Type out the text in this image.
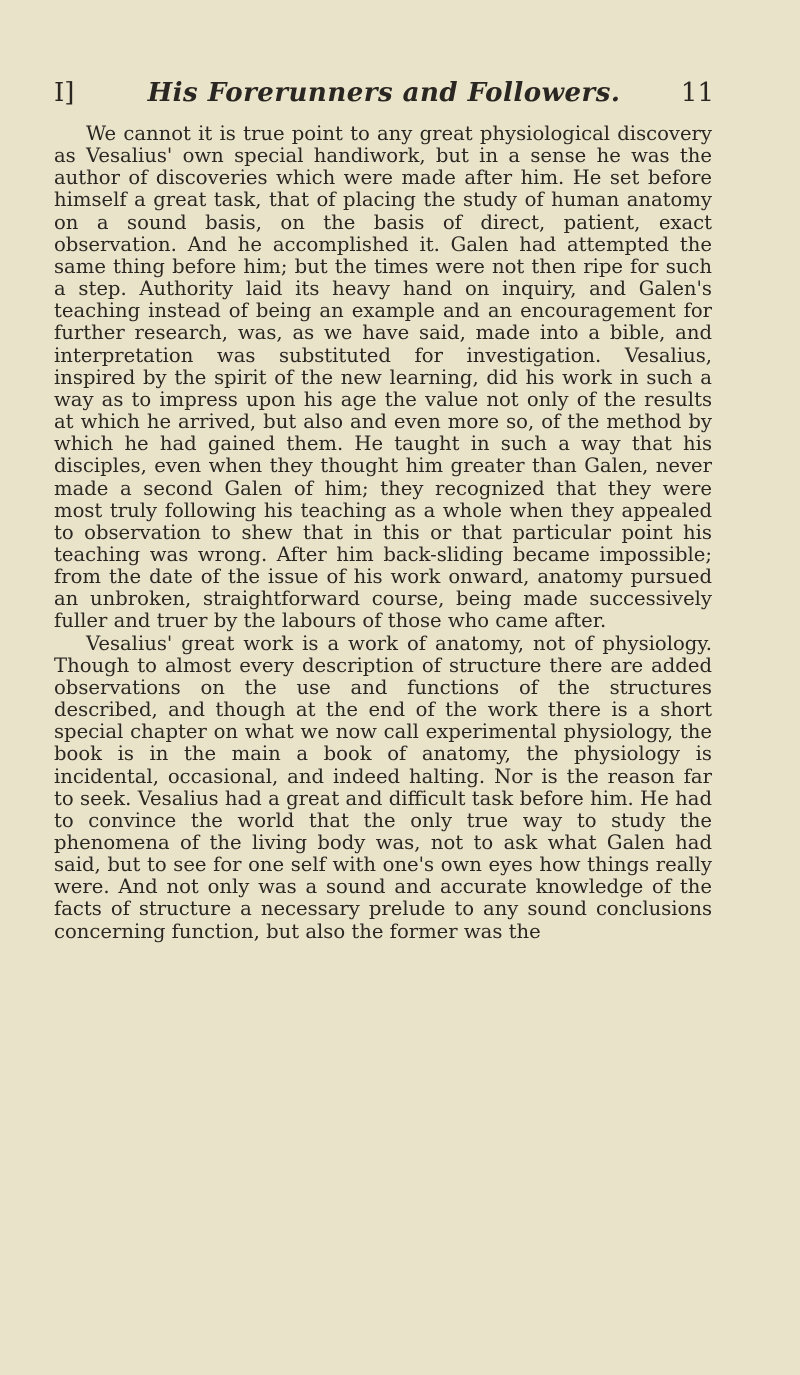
I]	His Forerunners and Followers.	11

We cannot it is true point to any great physiological discovery as Vesalius' own special handiwork, but in a sense he was the author of discoveries which were made after him. He set before himself a great task, that of placing the study of human anatomy on a sound basis, on the basis of direct, patient, exact observation. And he accomplished it. Galen had attempted the same thing before him; but the times were not then ripe for such a step. Authority laid its heavy hand on inquiry, and Galen's teaching instead of being an example and an encouragement for further research, was, as we have said, made into a bible, and interpretation was substituted for investigation. Vesalius, inspired by the spirit of the new learning, did his work in such a way as to impress upon his age the value not only of the results at which he arrived, but also and even more so, of the method by which he had gained them. He taught in such a way that his disciples, even when they thought him greater than Galen, never made a second Galen of him; they recognized that they were most truly following his teaching as a whole when they appealed to observation to shew that in this or that particular point his teaching was wrong. After him back-sliding became impossible; from the date of the issue of his work onward, anatomy pursued an unbroken, straightforward course, being made successively fuller and truer by the labours of those who came after.

Vesalius' great work is a work of anatomy, not of physiology. Though to almost every description of structure there are added observations on the use and functions of the structures described, and though at the end of the work there is a short special chapter on what we now call experimental physiology, the book is in the main a book of anatomy, the physiology is incidental, occasional, and indeed halting. Nor is the reason far to seek. Vesalius had a great and difficult task before him. He had to convince the world that the only true way to study the phenomena of the living body was, not to ask what Galen had said, but to see for one self with one's own eyes how things really were. And not only was a sound and accurate knowledge of the facts of structure a necessary prelude to any sound conclusions concerning function, but also the former was the
